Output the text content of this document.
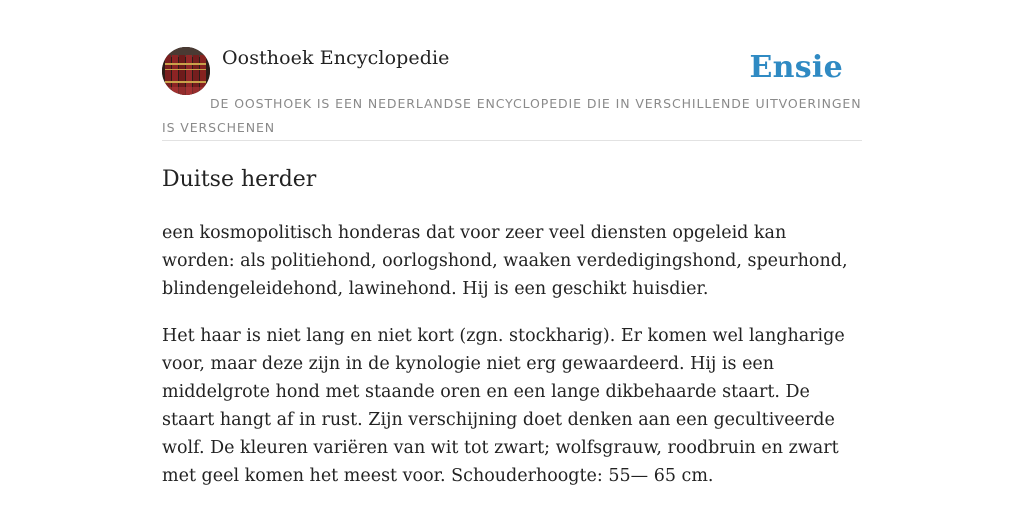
Oosthoek Encyclopedie	Ensie
DE OOSTHOEK IS EEN NEDERLANDSE ENCYCLOPEDIE DIE IN VERSCHILLENDE UITVOERINGEN IS VERSCHENEN
Duitse herder

een kosmopolitisch honderas dat voor zeer veel diensten opgeleid kan worden: als politiehond, oorlogshond, waaken verdedigingshond, speurhond, blindengeleidehond, lawinehond. Hij is een geschikt huisdier.

Het haar is niet lang en niet kort (zgn. stockharig). Er komen wel langharige voor, maar deze zijn in de kynologie niet erg gewaardeerd. Hij is een middelgrote hond met staande oren en een lange dikbehaarde staart. De staart hangt af in rust. Zijn verschijning doet denken aan een gecultiveerde wolf. De kleuren variëren van wit tot zwart; wolfsgrauw, roodbruin en zwart met geel komen het meest voor. Schouderhoogte: 55— 65 cm.
